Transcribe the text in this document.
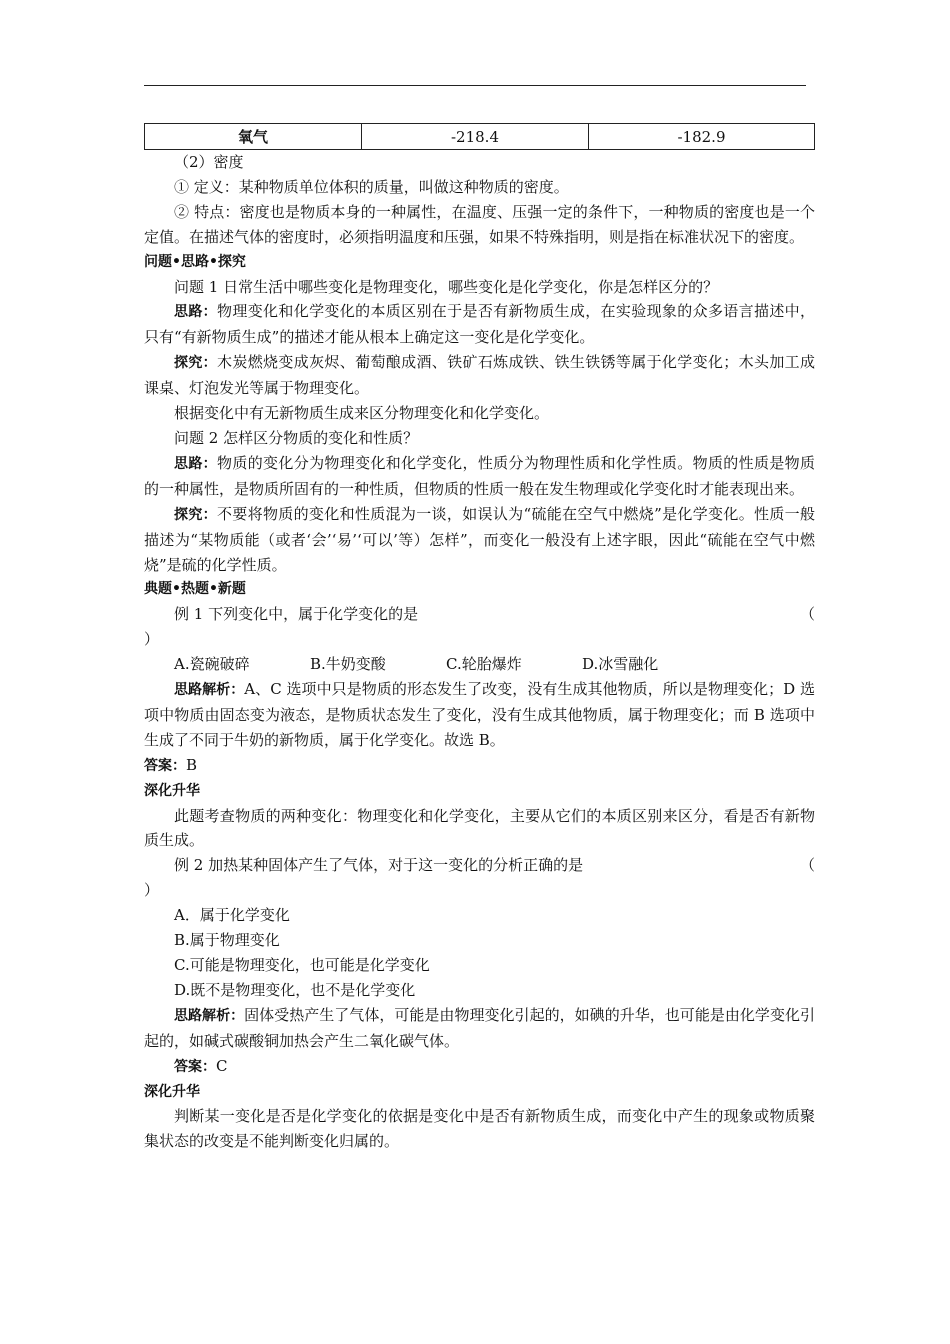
氧气	-218.4	-182.9

（2）密度

① 定义：某种物质单位体积的质量，叫做这种物质的密度。

② 特点：密度也是物质本身的一种属性，在温度、压强一定的条件下，一种物质的密度也是一个定值。在描述气体的密度时，必须指明温度和压强，如果不特殊指明，则是指在标准状况下的密度。

问题•思路•探究

问题 1 日常生活中哪些变化是物理变化，哪些变化是化学变化，你是怎样区分的？

思路：物理变化和化学变化的本质区别在于是否有新物质生成，在实验现象的众多语言描述中，只有“有新物质生成”的描述才能从根本上确定这一变化是化学变化。

探究：木炭燃烧变成灰烬、葡萄酿成酒、铁矿石炼成铁、铁生铁锈等属于化学变化；木头加工成课桌、灯泡发光等属于物理变化。

根据变化中有无新物质生成来区分物理变化和化学变化。

问题 2 怎样区分物质的变化和性质？

思路：物质的变化分为物理变化和化学变化，性质分为物理性质和化学性质。物质的性质是物质的一种属性，是物质所固有的一种性质，但物质的性质一般在发生物理或化学变化时才能表现出来。

探究：不要将物质的变化和性质混为一谈，如误认为“硫能在空气中燃烧”是化学变化。性质一般描述为“某物质能（或者‘会’‘易’‘可以’等）怎样”，而变化一般没有上述字眼，因此“硫能在空气中燃烧”是硫的化学性质。

典题•热题•新题

例 1 下列变化中，属于化学变化的是	（

）

A.瓷碗破碎	B.牛奶变酸	C.轮胎爆炸	D.冰雪融化

思路解析：A、C 选项中只是物质的形态发生了改变，没有生成其他物质，所以是物理变化；D 选项中物质由固态变为液态，是物质状态发生了变化，没有生成其他物质，属于物理变化；而 B 选项中生成了不同于牛奶的新物质，属于化学变化。故选 B。

答案：B

深化升华

此题考查物质的两种变化：物理变化和化学变化，主要从它们的本质区别来区分，看是否有新物质生成。

例 2 加热某种固体产生了气体，对于这一变化的分析正确的是	（

）

A．属于化学变化

B.属于物理变化

C.可能是物理变化，也可能是化学变化

D.既不是物理变化，也不是化学变化

思路解析：固体受热产生了气体，可能是由物理变化引起的，如碘的升华，也可能是由化学变化引起的，如碱式碳酸铜加热会产生二氧化碳气体。

答案：C

深化升华

判断某一变化是否是化学变化的依据是变化中是否有新物质生成，而变化中产生的现象或物质聚集状态的改变是不能判断变化归属的。
